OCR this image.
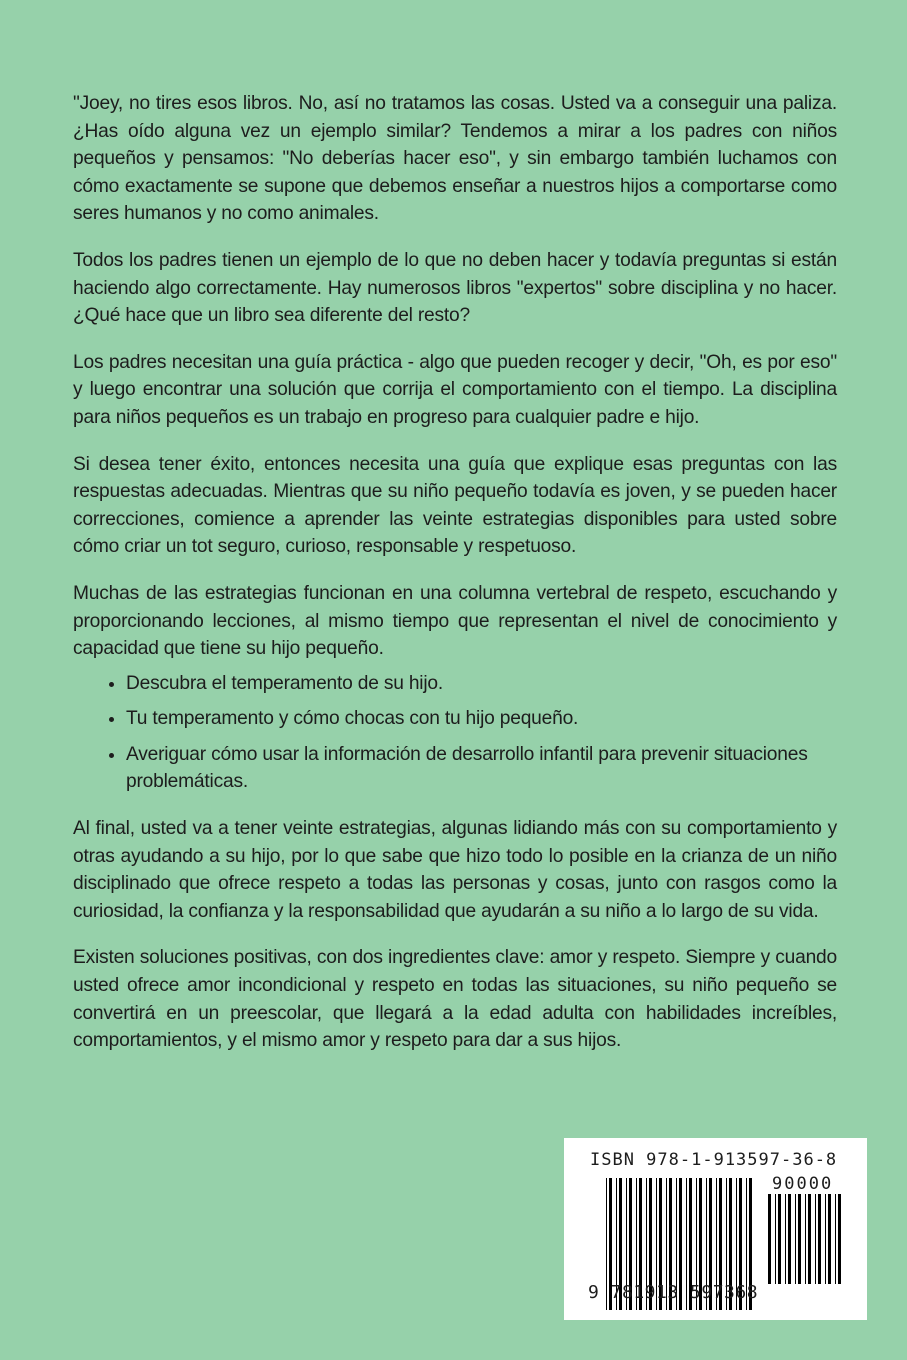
"Joey, no tires esos libros. No, así no tratamos las cosas. Usted va a conseguir una paliza. ¿Has oído alguna vez un ejemplo similar? Tendemos a mirar a los padres con niños pequeños y pensamos: "No deberías hacer eso", y sin embargo también luchamos con cómo exactamente se supone que debemos enseñar a nuestros hijos a comportarse como seres humanos y no como animales.

Todos los padres tienen un ejemplo de lo que no deben hacer y todavía preguntas si están haciendo algo correctamente. Hay numerosos libros "expertos" sobre disciplina y no hacer. ¿Qué hace que un libro sea diferente del resto?

Los padres necesitan una guía práctica - algo que pueden recoger y decir, "Oh, es por eso" y luego encontrar una solución que corrija el comportamiento con el tiempo. La disciplina para niños pequeños es un trabajo en progreso para cualquier padre e hijo.

Si desea tener éxito, entonces necesita una guía que explique esas preguntas con las respuestas adecuadas. Mientras que su niño pequeño todavía es joven, y se pueden hacer correcciones, comience a aprender las veinte estrategias disponibles para usted sobre cómo criar un tot seguro, curioso, responsable y respetuoso.

Muchas de las estrategias funcionan en una columna vertebral de respeto, escuchando y proporcionando lecciones, al mismo tiempo que representan el nivel de conocimiento y capacidad que tiene su hijo pequeño.

• Descubra el temperamento de su hijo.
• Tu temperamento y cómo chocas con tu hijo pequeño.
• Averiguar cómo usar la información de desarrollo infantil para prevenir situaciones problemáticas.

Al final, usted va a tener veinte estrategias, algunas lidiando más con su comportamiento y otras ayudando a su hijo, por lo que sabe que hizo todo lo posible en la crianza de un niño disciplinado que ofrece respeto a todas las personas y cosas, junto con rasgos como la curiosidad, la confianza y la responsabilidad que ayudarán a su niño a lo largo de su vida.

Existen soluciones positivas, con dos ingredientes clave: amor y respeto. Siempre y cuando usted ofrece amor incondicional y respeto en todas las situaciones, su niño pequeño se convertirá en un preescolar, que llegará a la edad adulta con habilidades increíbles, comportamientos, y el mismo amor y respeto para dar a sus hijos.

ISBN 978-1-913597-36-8
90000
9 781913 597368
